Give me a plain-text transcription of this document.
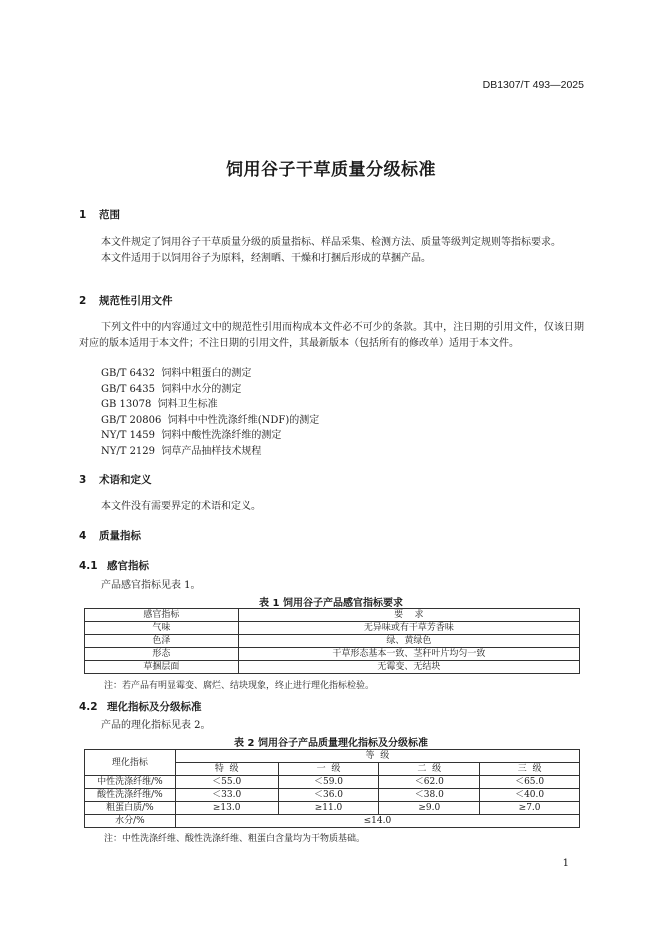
DB1307/T 493—2025
饲用谷子干草质量分级标准
1 范围

本文件规定了饲用谷子干草质量分级的质量指标、样品采集、检测方法、质量等级判定规则等指标要求。

本文件适用于以饲用谷子为原料，经割晒、干燥和打捆后形成的草捆产品。

2 规范性引用文件

下列文件中的内容通过文中的规范性引用而构成本文件必不可少的条款。其中，注日期的引用文件，仅该日期对应的版本适用于本文件；不注日期的引用文件，其最新版本（包括所有的修改单）适用于本文件。

GB/T 6432  饲料中粗蛋白的测定
GB/T 6435  饲料中水分的测定
GB 13078  饲料卫生标准
GB/T 20806  饲料中中性洗涤纤维(NDF)的测定
NY/T 1459  饲料中酸性洗涤纤维的测定
NY/T 2129  饲草产品抽样技术规程
3 术语和定义

本文件没有需要界定的术语和定义。

4 质量指标
4.1 感官指标

产品感官指标见表 1。

表 1 饲用谷子产品感官指标要求
感官指标	要    求
气味	无异味或有干草芳香味
色泽	绿、黄绿色
形态	干草形态基本一致、茎秆叶片均匀一致
草捆层面	无霉变、无结块
注：若产品有明显霉变、腐烂、结块现象，终止进行理化指标检验。
4.2 理化指标及分级标准

产品的理化指标见表 2。

表 2 饲用谷子产品质量理化指标及分级标准
理化指标	等  级			
	特  级	一  级	二  级	三  级
中性洗涤纤维/%	＜55.0	＜59.0	＜62.0	＜65.0
酸性洗涤纤维/%	＜33.0	＜36.0	＜38.0	＜40.0
粗蛋白质/%	≥13.0	≥11.0	≥9.0	≥7.0
水分/%	≤14.0			
注：中性洗涤纤维、酸性洗涤纤维、粗蛋白含量均为干物质基础。
1
